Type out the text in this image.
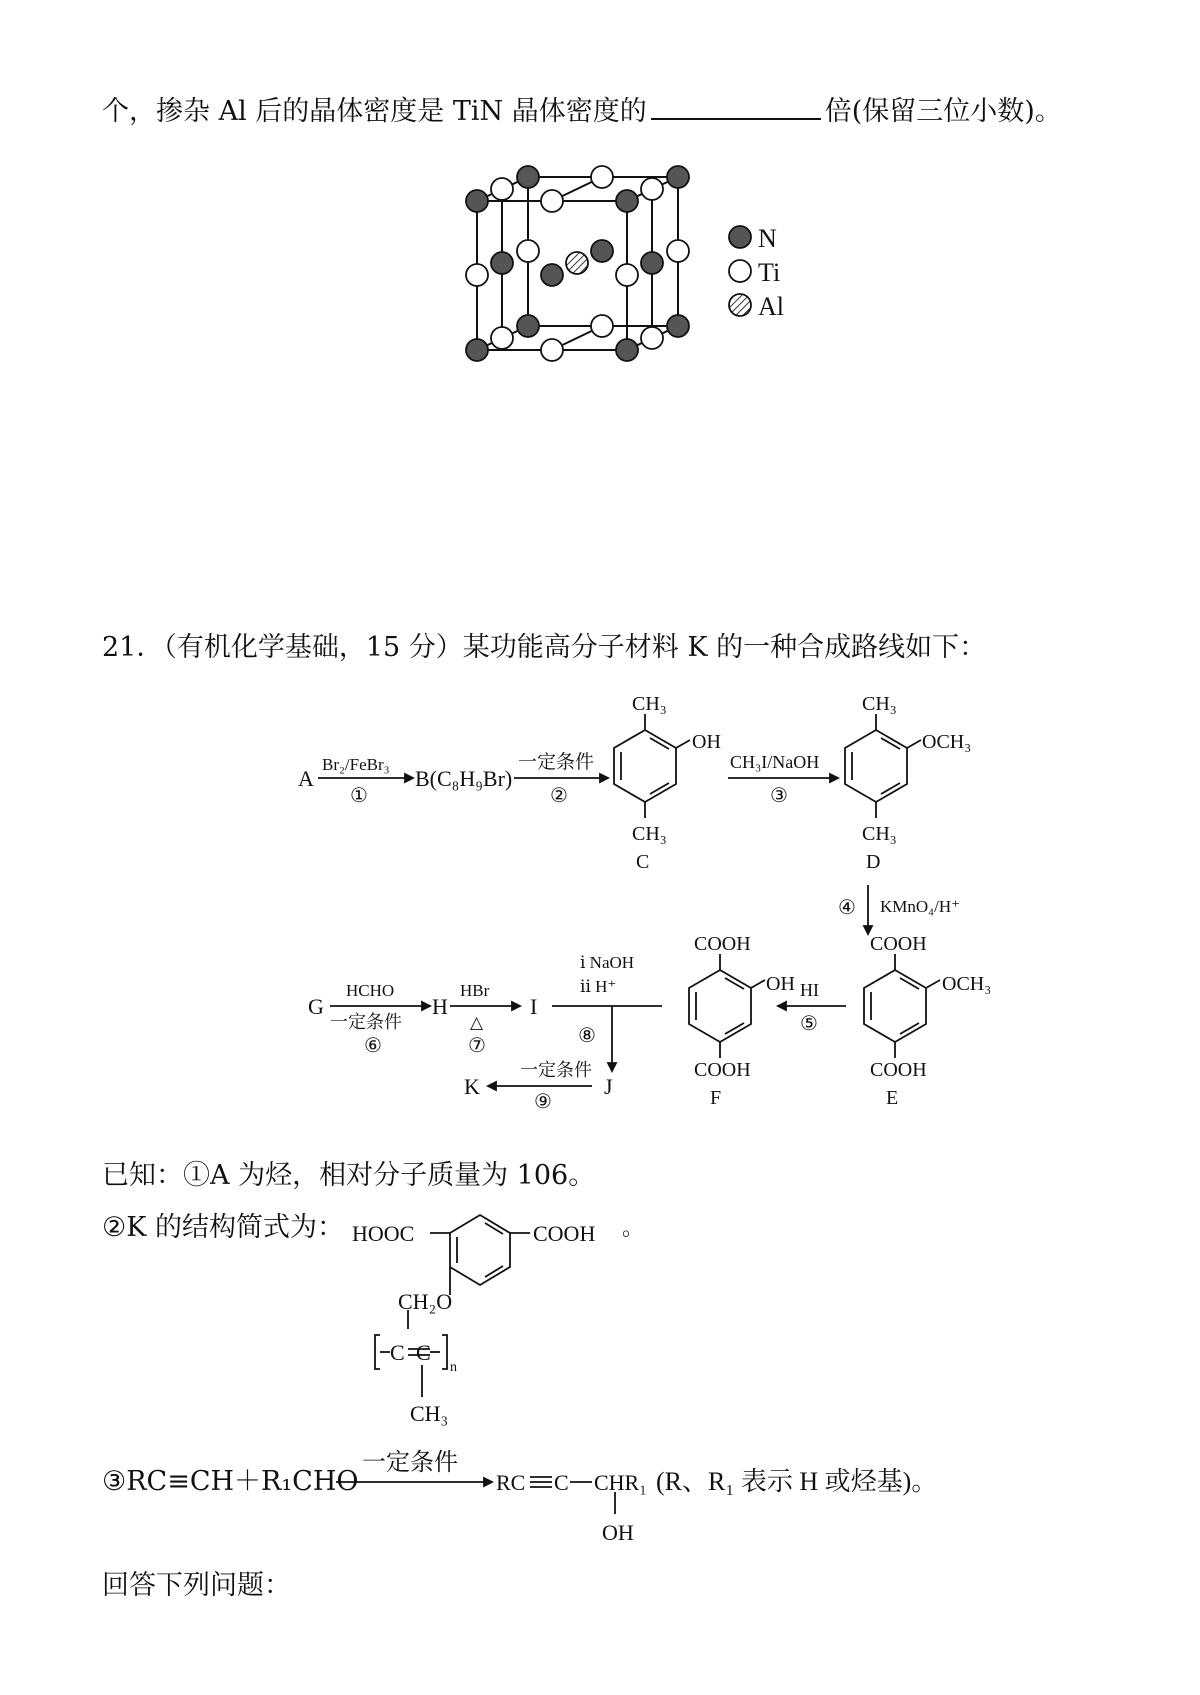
个，掺杂 Al 后的晶体密度是 TiN 晶体密度的	倍(保留三位小数)。
N
Ti
Al
21．（有机化学基础，15 分）某功能高分子材料 K 的一种合成路线如下：
A
Br₂/FeBr₃
①
B(C₈H₉Br)
一定条件
②
CH₃
OH
CH₃
C
CH₃I/NaOH
③
CH₃
OCH₃
CH₃
D
④ KMnO₄/H⁺
COOH
OCH₃
COOH
E
HI
⑤
COOH
OH
COOH
F
ⅰ NaOH
ⅱ H⁺
⑧
I
HBr
△
⑦
H
HCHO
一定条件
⑥
G
J
一定条件
⑨
K
已知：①A 为烃，相对分子质量为 106。
②K 的结构简式为： HOOC	COOH 。
CH₂O
C C
n
CH₃
③RC≡CH＋R₁CHO
一定条件
RC C CHR₁
OH
(R、R₁ 表示 H 或烃基)。
回答下列问题：
